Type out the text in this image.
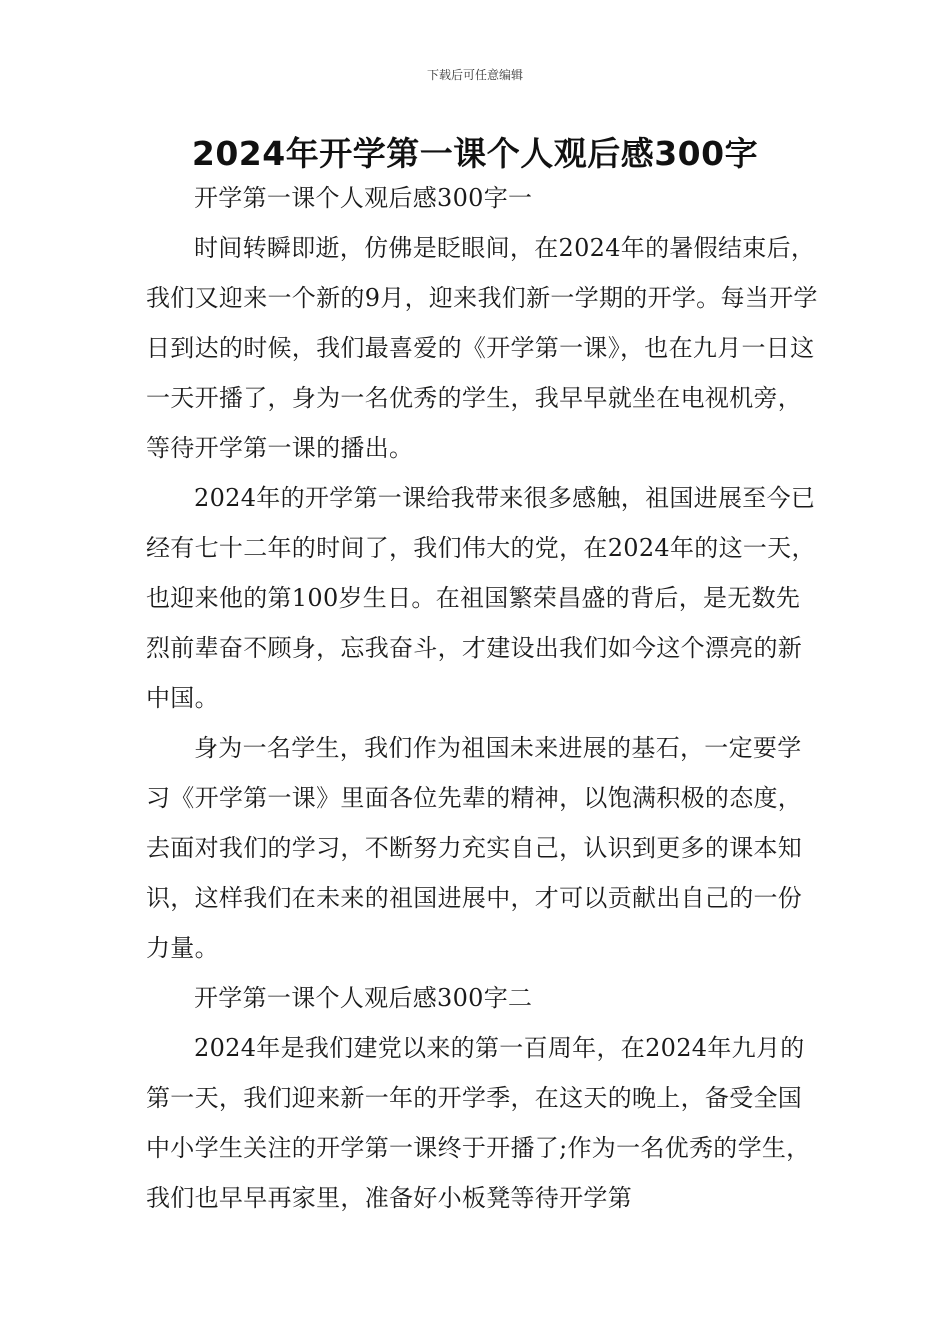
下载后可任意编辑
2024年开学第一课个人观后感300字

开学第一课个人观后感300字一

时间转瞬即逝，仿佛是眨眼间，在2024年的暑假结束后，我们又迎来一个新的9月，迎来我们新一学期的开学。每当开学日到达的时候，我们最喜爱的《开学第一课》，也在九月一日这一天开播了，身为一名优秀的学生，我早早就坐在电视机旁，等待开学第一课的播出。

2024年的开学第一课给我带来很多感触，祖国进展至今已经有七十二年的时间了，我们伟大的党，在2024年的这一天，也迎来他的第100岁生日。在祖国繁荣昌盛的背后，是无数先烈前辈奋不顾身，忘我奋斗，才建设出我们如今这个漂亮的新中国。

身为一名学生，我们作为祖国未来进展的基石，一定要学习《开学第一课》里面各位先辈的精神，以饱满积极的态度，去面对我们的学习，不断努力充实自己，认识到更多的课本知识，这样我们在未来的祖国进展中，才可以贡献出自己的一份力量。

开学第一课个人观后感300字二

2024年是我们建党以来的第一百周年，在2024年九月的第一天，我们迎来新一年的开学季，在这天的晚上，备受全国中小学生关注的开学第一课终于开播了;作为一名优秀的学生，我们也早早再家里，准备好小板凳等待开学第
